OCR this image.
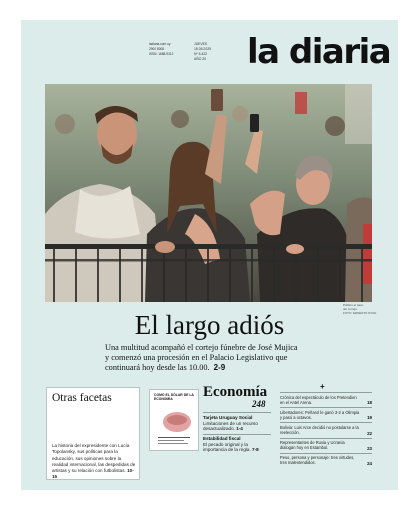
ladiaria.com.uy
2900 8008
ISSN: 1688-9312
JUEVES
15.05.2025
Nº 5.422
AÑO 20 la diaria
Público al paso
del cortejo.
FOTO: ERNESTO RYAN
El largo adiós
Una multitud acompañó el cortejo fúnebre de José Mujica y comenzó una procesión en el Palacio Legislativo que continuará hoy desde las 10.00. 2-9
Otras facetas
La historia del expresidente con Lucía Topolansky, sus políticas para la educación, sus opiniones sobre la realidad internacional, las despedidas de artistas y su relación con futbolistas. 10-15
COMO EL DÓLAR DE LA ECONOMÍA	Economía
248
Tarjeta Uruguay Social
Limitaciones de un recurso desactualizado. 1-4
Estabilidad fiscal
El pecado original y la importancia de la regla. 7-8
+
Crónica del espectáculo de los Pretendien en el Antel Arena.	18
Libertadores: Peñarol le ganó 3-2 a Olimpia y pasó a octavos.	19
Bolivia: Luis Arce decidió no postularse a la reelección.	22
Representantes de Rusia y Ucrania dialogan hoy en Estambul.	23
Peso, persona y personaje: tres virtudes, tres malentendidos.	24
